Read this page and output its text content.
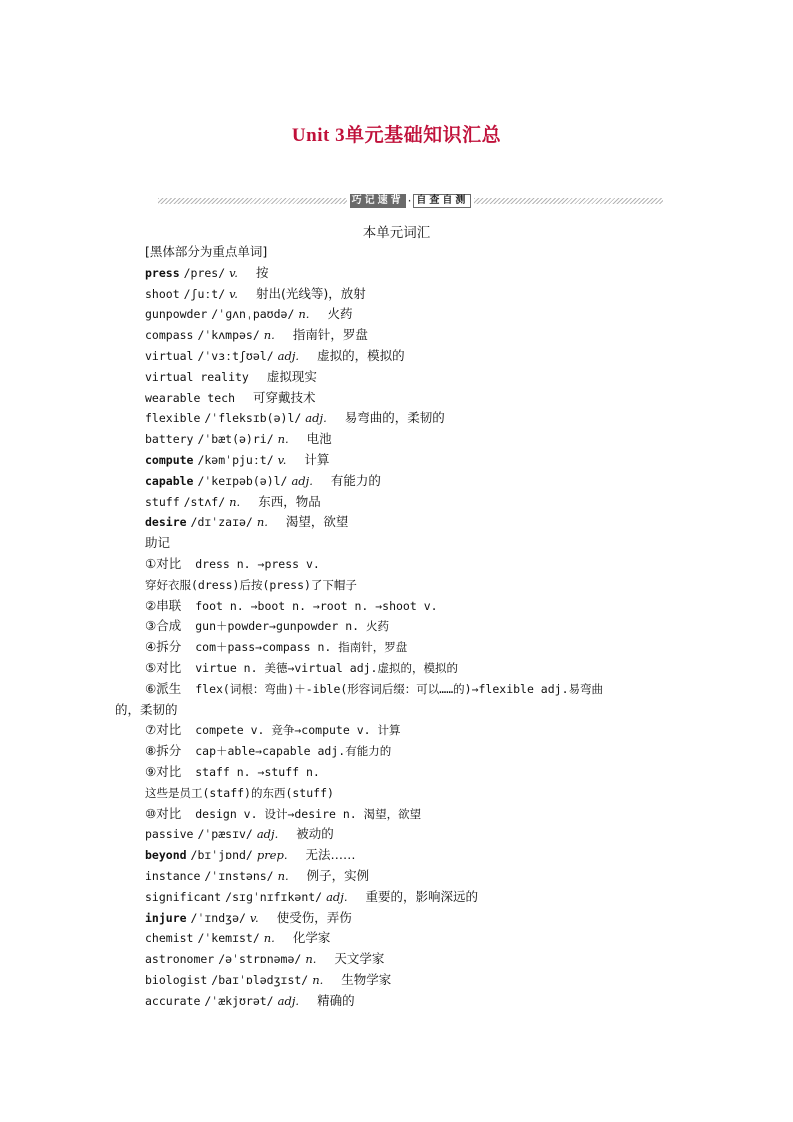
Unit 3单元基础知识汇总
巧记速背 · 自查自测
本单元词汇
[黑体部分为重点单词]
press /pres/ v. 按
shoot /ʃuːt/ v. 射出(光线等)，放射
gunpowder /ˈɡʌnˌpaʊdə/ n. 火药
compass /ˈkʌmpəs/ n. 指南针，罗盘
virtual /ˈvɜːtʃʊəl/ adj. 虚拟的，模拟的
virtual reality 虚拟现实
wearable tech 可穿戴技术
flexible /ˈfleksɪb(ə)l/ adj. 易弯曲的，柔韧的
battery /ˈbæt(ə)ri/ n. 电池
compute /kəmˈpjuːt/ v. 计算
capable /ˈkeɪpəb(ə)l/ adj. 有能力的
stuff /stʌf/ n. 东西，物品
desire /dɪˈzaɪə/ n. 渴望，欲望
助记
①对比 dress n. →press v.
穿好衣服(dress)后按(press)了下帽子
②串联 foot n. →boot n. →root n. →shoot v.
③合成 gun＋powder→gunpowder n. 火药
④拆分 com＋pass→compass n. 指南针，罗盘
⑤对比 virtue n. 美德→virtual adj.虚拟的，模拟的
⑥派生 flex(词根：弯曲)＋-ible(形容词后缀：可以……的)→flexible adj.易弯曲
的，柔韧的
⑦对比 compete v. 竞争→compute v. 计算
⑧拆分 cap＋able→capable adj.有能力的
⑨对比 staff n. →stuff n.
这些是员工(staff)的东西(stuff)
⑩对比 design v. 设计→desire n. 渴望，欲望
passive /ˈpæsɪv/ adj. 被动的
beyond /bɪˈjɒnd/ prep. 无法……
instance /ˈɪnstəns/ n. 例子，实例
significant /sɪɡˈnɪfɪkənt/ adj. 重要的，影响深远的
injure /ˈɪndʒə/ v. 使受伤，弄伤
chemist /ˈkemɪst/ n. 化学家
astronomer /əˈstrɒnəmə/ n. 天文学家
biologist /baɪˈɒlədʒɪst/ n. 生物学家
accurate /ˈækjʊrət/ adj. 精确的
